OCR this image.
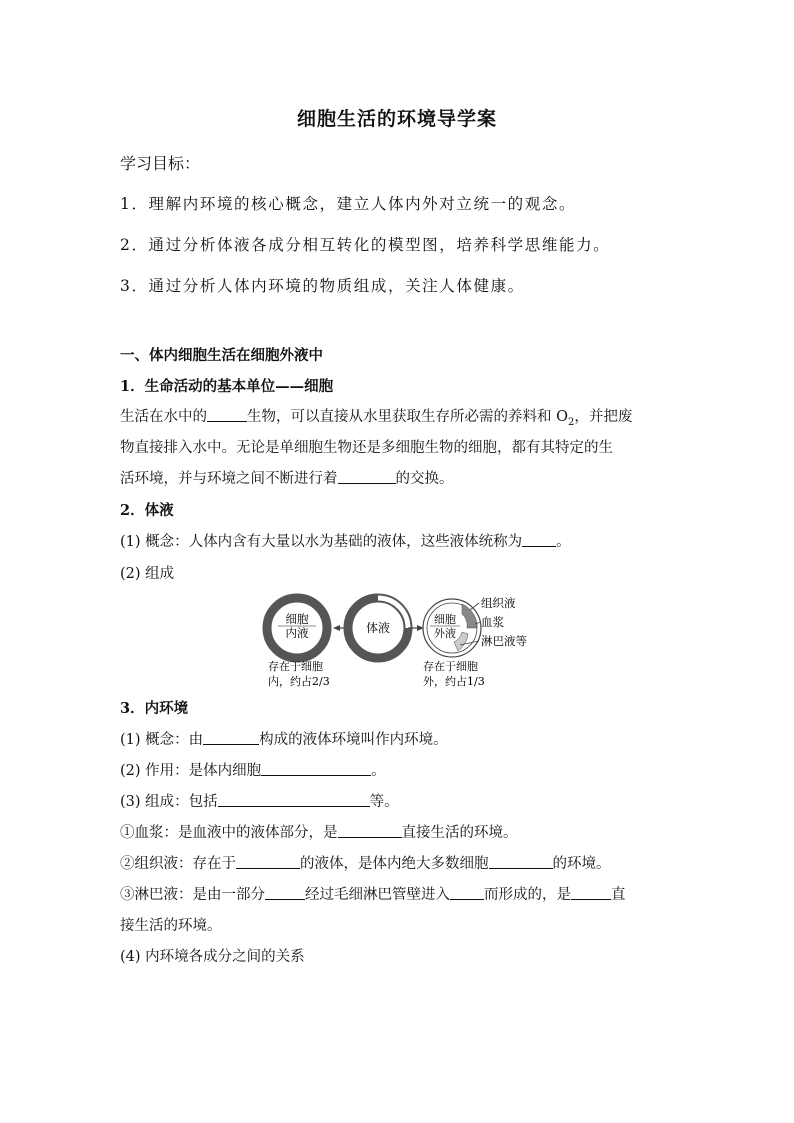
细胞生活的环境导学案
学习目标：
1．理解内环境的核心概念，建立人体内外对立统一的观念。
2．通过分析体液各成分相互转化的模型图，培养科学思维能力。
3．通过分析人体内环境的物质组成，关注人体健康。
一、体内细胞生活在细胞外液中
1．生命活动的基本单位——细胞
生活在水中的	生物，可以直接从水里获取生存所必需的养料和 $O_2$，并把废
物直接排入水中。无论是单细胞生物还是多细胞生物的细胞，都有其特定的生
活环境，并与环境之间不断进行着	的交换。
2．体液
(1) 概念：人体内含有大量以水为基础的液体，这些液体统称为 。
(2) 组成
细胞
内液	体液
细胞
外液
组织液
血浆
淋巴液等
存在于细胞
内，约占2/3
存在于细胞
外，约占1/3
3．内环境
(1) 概念：由	构成的液体环境叫作内环境。
(2) 作用：是体内细胞	。
(3) 组成：包括	等。
①血浆：是血液中的液体部分，是	直接生活的环境。
②组织液：存在于	的液体，是体内绝大多数细胞	的环境。
③淋巴液：是由一部分	经过毛细淋巴管壁进入 而形成的，是	直
接生活的环境。
(4) 内环境各成分之间的关系
